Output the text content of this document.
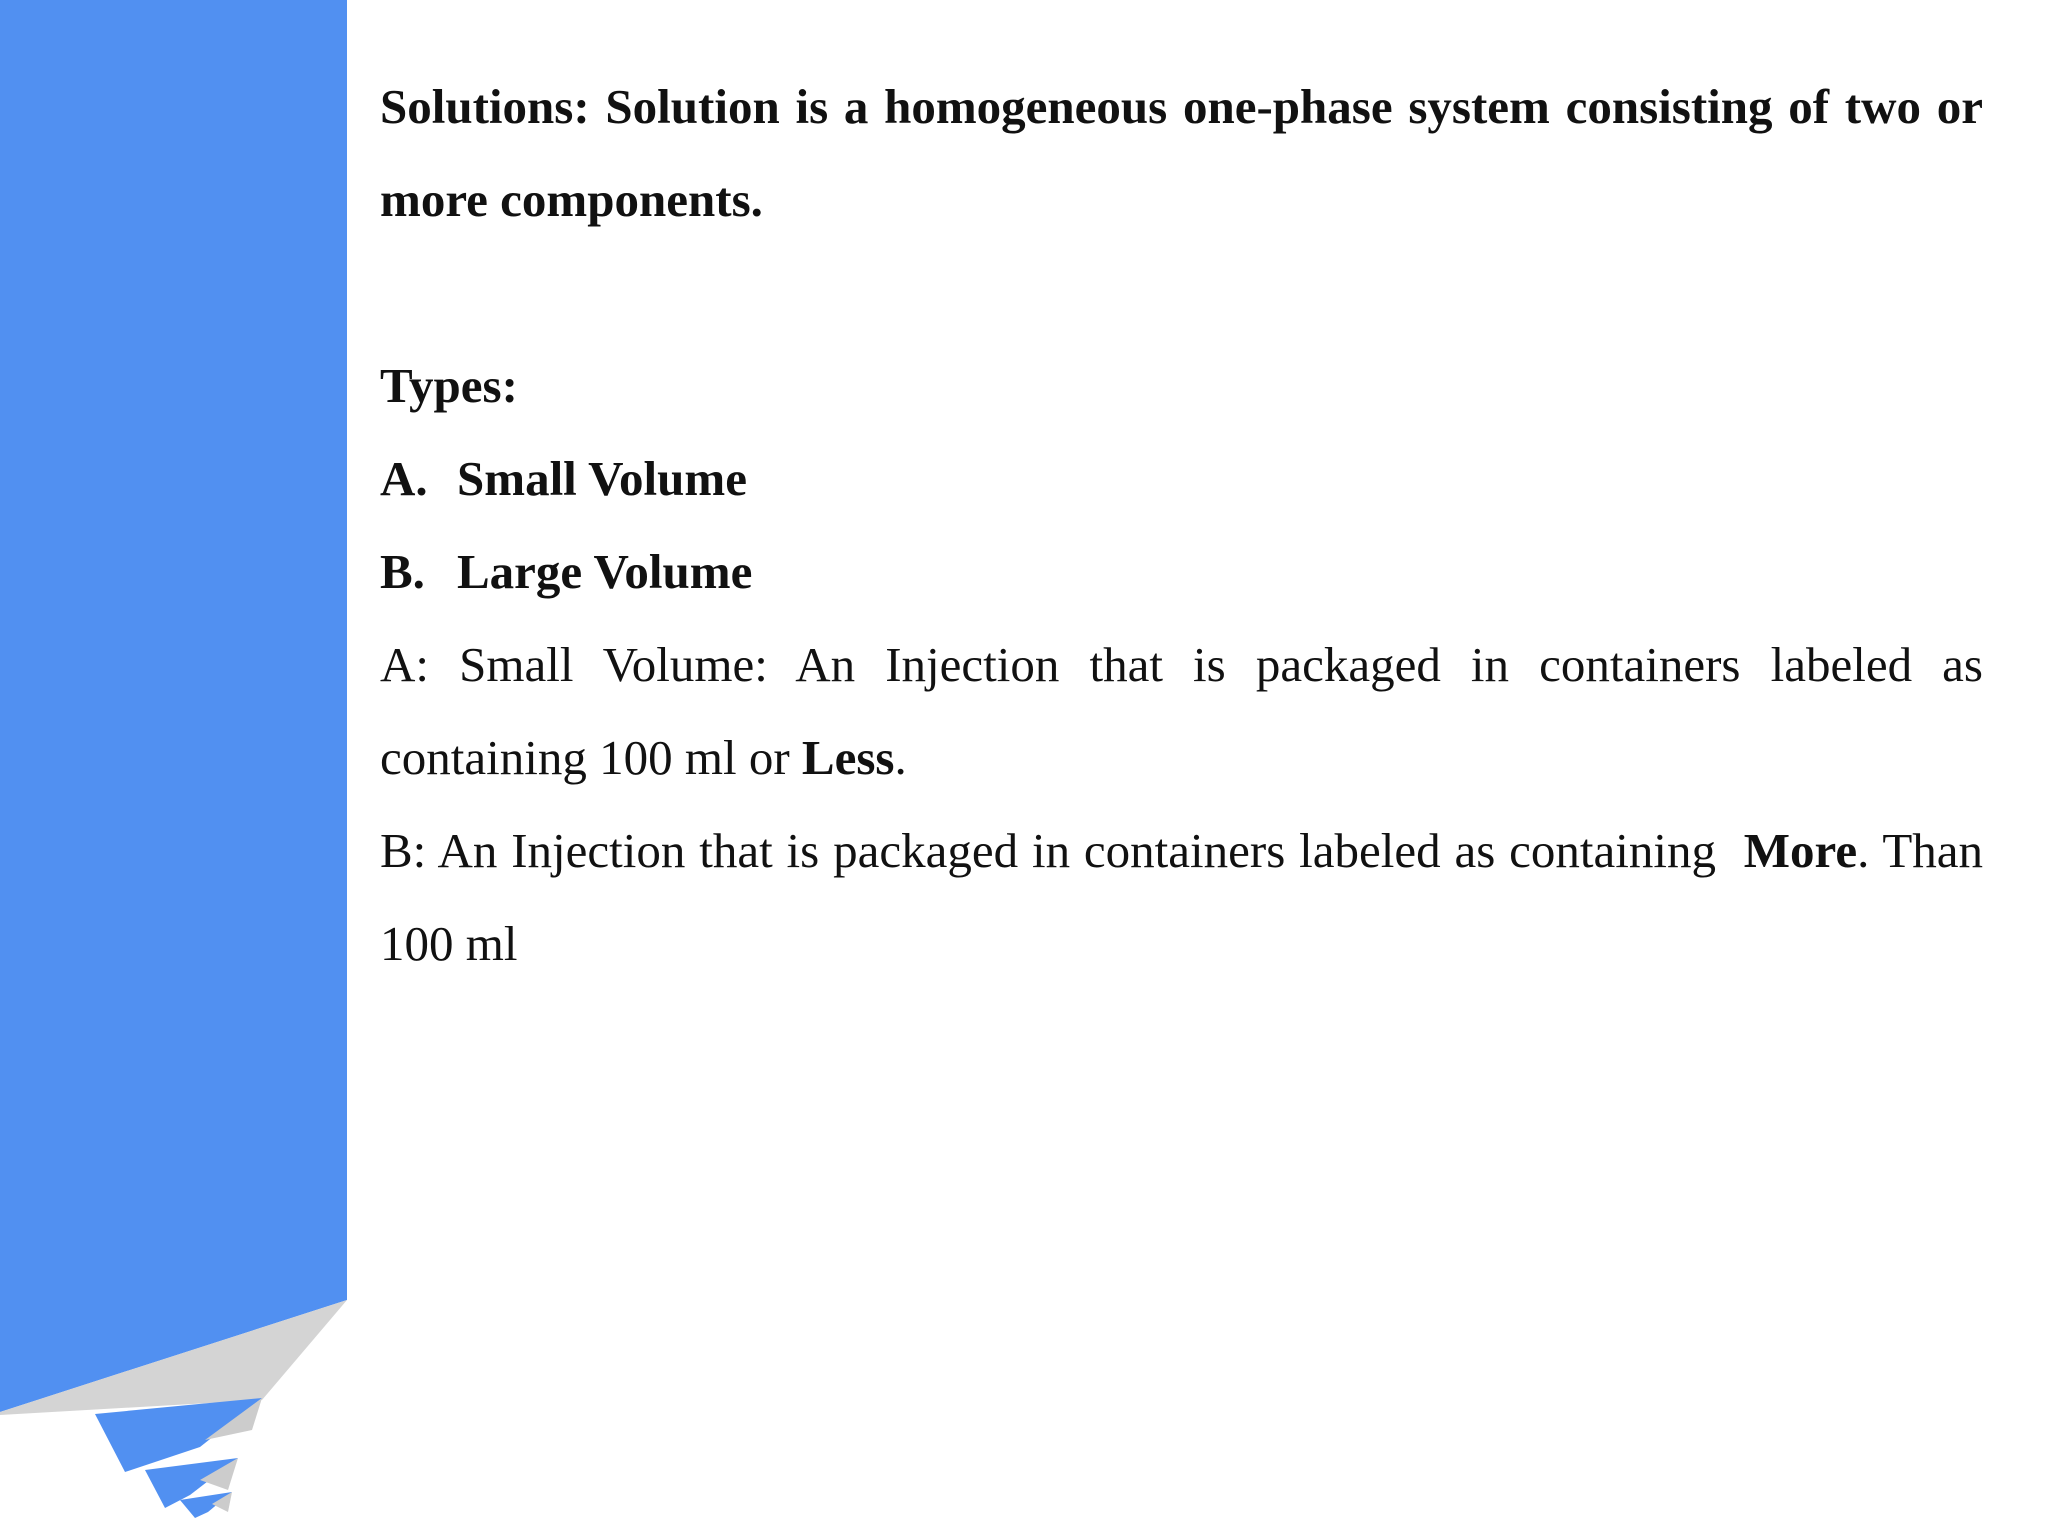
Solutions: Solution is a homogeneous one-phase system consisting of two or more components.

Types:

A. Small Volume
B. Large Volume

A: Small Volume: An Injection that is packaged in containers labeled as containing 100 ml or Less.

B: An Injection that is packaged in containers labeled as containing  More. Than 100 ml
